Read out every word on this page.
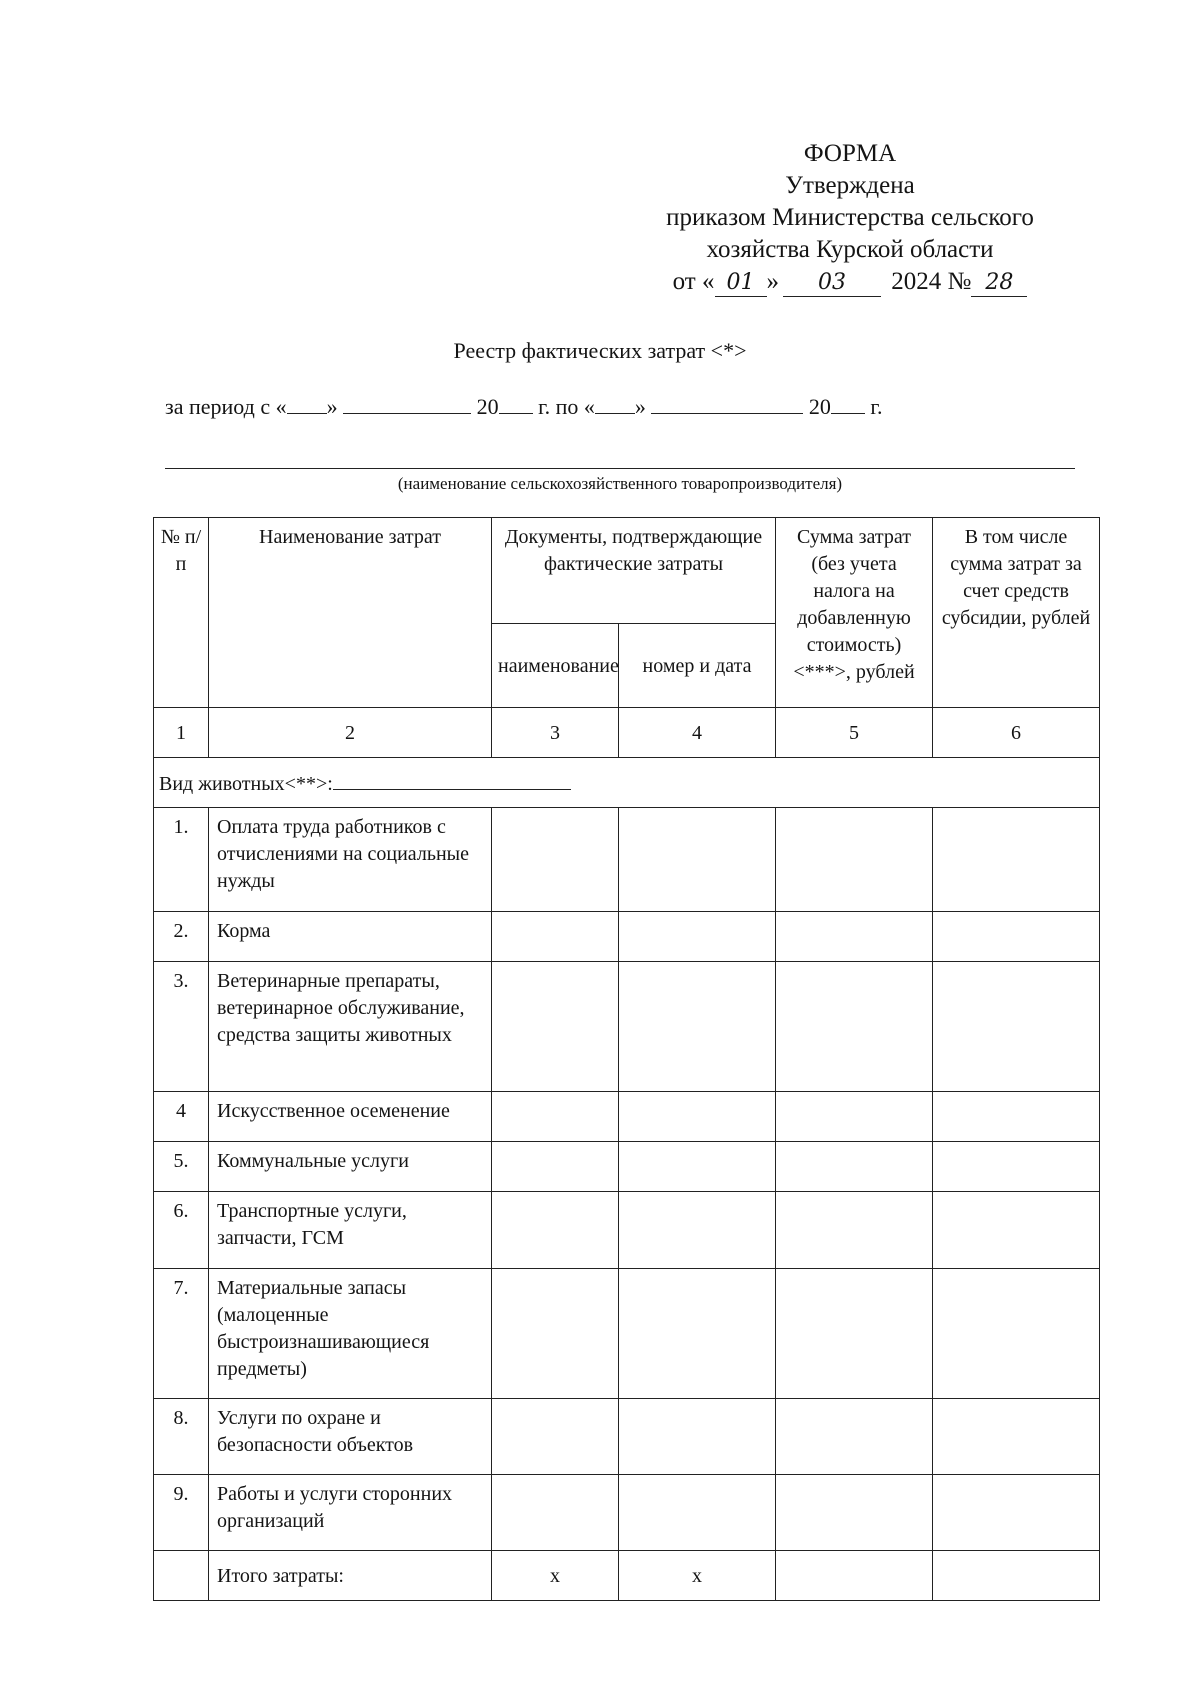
ФОРМА
Утверждена
приказом Министерства сельского
хозяйства Курской области
от « 01 » 03 2024 № 28
Реестр фактических затрат <*>
за период с « »	20 г. по « »	20 г.
(наименование сельскохозяйственного товаропроизводителя)
№ п/п	Наименование затрат	Документы, подтверждающие фактические затраты		Сумма затрат (без учета налога на добавленную стоимость) <***>, рублей	В том числе сумма затрат за счет средств субсидии, рублей
		наименование	номер и дата		
1	2	3	4	5	6
Вид животных<**>:					
1.	Оплата труда работников с отчислениями на социальные нужды				
2.	Корма				
3.	Ветеринарные препараты, ветеринарное обслуживание, средства защиты животных				
4	Искусственное осеменение				
5.	Коммунальные услуги				
6.	Транспортные услуги, запчасти, ГСМ				
7.	Материальные запасы (малоценные быстроизнашивающиеся предметы)				
8.	Услуги по охране и безопасности объектов				
9.	Работы и услуги сторонних организаций				
	Итого затраты:	x	x		
